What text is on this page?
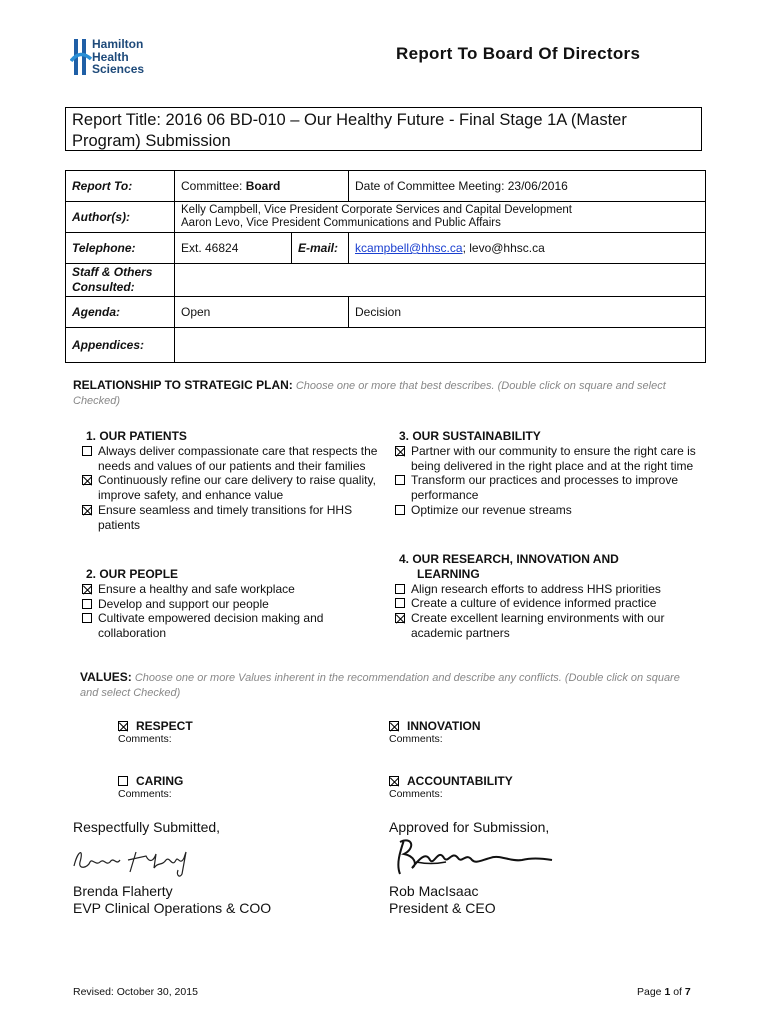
Hamilton
Health
Sciences
Report To Board Of Directors
Report Title: 2016 06 BD-010 – Our Healthy Future - Final Stage 1A (Master Program) Submission
Report To:	Committee: Board		Date of Committee Meeting: 23/06/2016
Author(s):	Kelly Campbell, Vice President Corporate Services and Capital Development
Aaron Levo, Vice President Communications and Public Affairs		

Telephone:	Ext. 46824	E-mail:	kcampbell@hhsc.ca; levo@hhsc.ca

Staff & Others
Consulted:			

Agenda:	Open		Decision
Appendices:			
RELATIONSHIP TO STRATEGIC PLAN: Choose one or more that best describes. (Double click on square and select Checked)
1. OUR PATIENTS
Always deliver compassionate care that respects the needs and values of our patients and their families
Continuously refine our care delivery to raise quality, improve safety, and enhance value
Ensure seamless and timely transitions for HHS patients
2. OUR PEOPLE
Ensure a healthy and safe workplace
Develop and support our people
Cultivate empowered decision making and collaboration
3. OUR SUSTAINABILITY
Partner with our community to ensure the right care is being delivered in the right place and at the right time
Transform our practices and processes to improve performance
Optimize our revenue streams
4. OUR RESEARCH, INNOVATION AND
LEARNING
Align research efforts to address HHS priorities
Create a culture of evidence informed practice
Create excellent learning environments with our academic partners
VALUES: Choose one or more Values inherent in the recommendation and describe any conflicts. (Double click on square and select Checked)
RESPECT
Comments:
INNOVATION
Comments:
CARING
Comments:
ACCOUNTABILITY
Comments:
Respectfully Submitted,
Brenda Flaherty
EVP Clinical Operations & COO
Approved for Submission,
Rob MacIsaac
President & CEO
Revised: October 30, 2015	Page 1 of 7
